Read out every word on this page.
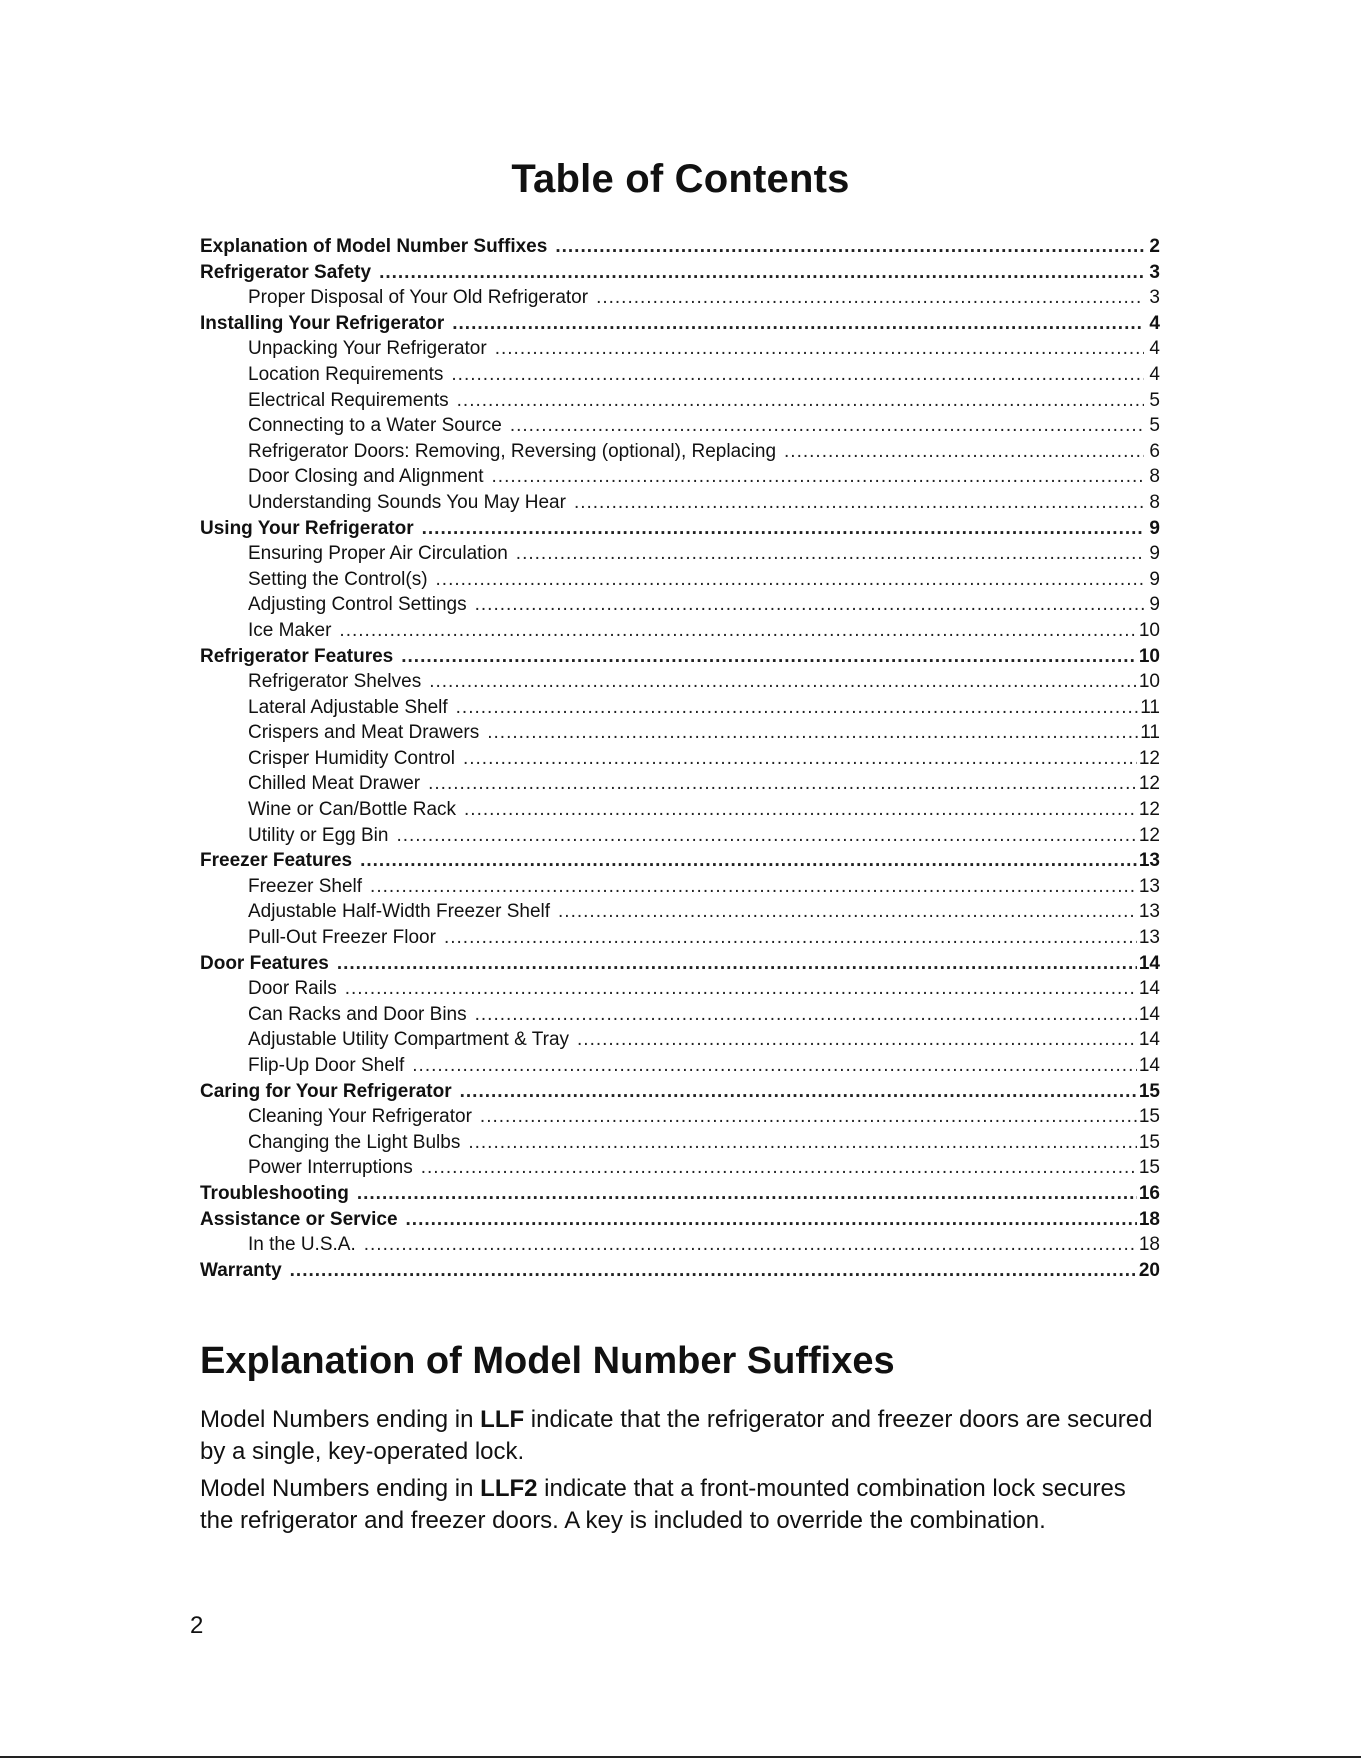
Table of Contents
Explanation of Model Number Suffixes .....	2
Refrigerator Safety .....	3
Proper Disposal of Your Old Refrigerator .....	3
Installing Your Refrigerator .....	4
Unpacking Your Refrigerator .....	4
Location Requirements .....	4
Electrical Requirements .....	5
Connecting to a Water Source .....	5
Refrigerator Doors: Removing, Reversing (optional), Replacing .....	6
Door Closing and Alignment .....	8
Understanding Sounds You May Hear .....	8
Using Your Refrigerator .....	9
Ensuring Proper Air Circulation .....	9
Setting the Control(s) .....	9
Adjusting Control Settings .....	9
Ice Maker .....	10
Refrigerator Features .....	10
Refrigerator Shelves .....	10
Lateral Adjustable Shelf .....	11
Crispers and Meat Drawers .....	11
Crisper Humidity Control .....	12
Chilled Meat Drawer .....	12
Wine or Can/Bottle Rack .....	12
Utility or Egg Bin .....	12
Freezer Features .....	13
Freezer Shelf .....	13
Adjustable Half-Width Freezer Shelf .....	13
Pull-Out Freezer Floor .....	13
Door Features .....	14
Door Rails .....	14
Can Racks and Door Bins .....	14
Adjustable Utility Compartment & Tray .....	14
Flip-Up Door Shelf .....	14
Caring for Your Refrigerator .....	15
Cleaning Your Refrigerator .....	15
Changing the Light Bulbs .....	15
Power Interruptions .....	15
Troubleshooting .....	16
Assistance or Service .....	18
In the U.S.A. .....	18
Warranty .....	20
Explanation of Model Number Suffixes

Model Numbers ending in LLF indicate that the refrigerator and freezer doors are secured by a single, key-operated lock.

Model Numbers ending in LLF2 indicate that a front-mounted combination lock secures the refrigerator and freezer doors. A key is included to override the combination.

2
